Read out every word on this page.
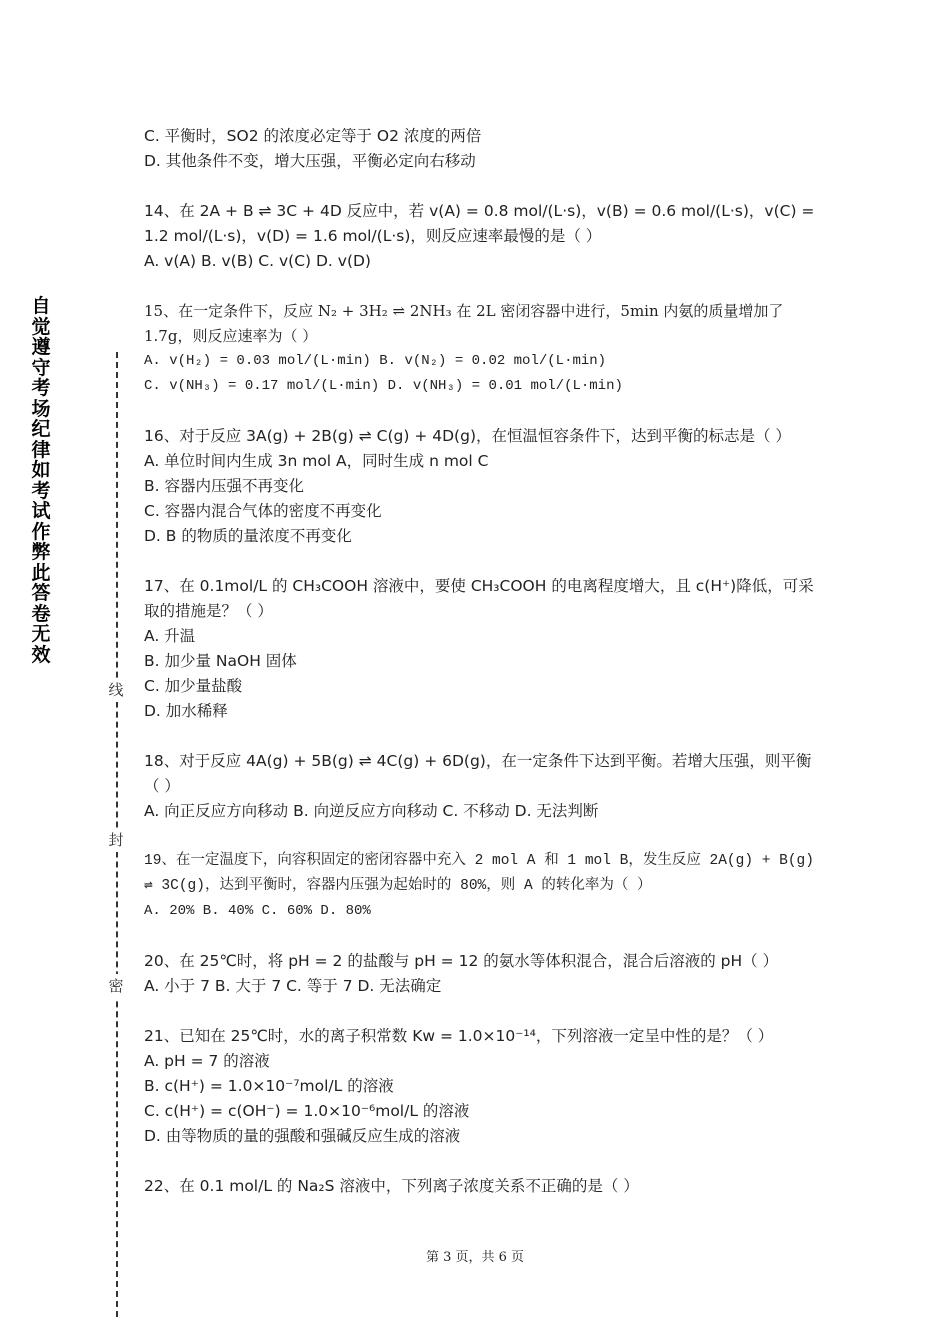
自觉遵守考场纪律如考试作弊此答卷无效
线
封
密
C. 平衡时，SO2 的浓度必定等于 O2 浓度的两倍
D. 其他条件不变，增大压强，平衡必定向右移动
14、在 2A + B ⇌ 3C + 4D 反应中，若 v(A) = 0.8 mol/(L·s)，v(B) = 0.6 mol/(L·s)，v(C) = 1.2 mol/(L·s)，v(D) = 1.6 mol/(L·s)，则反应速率最慢的是（ ）
A. v(A) B. v(B) C. v(C) D. v(D)
15、在一定条件下，反应 N₂ + 3H₂ ⇌ 2NH₃ 在 2L 密闭容器中进行，5min 内氨的质量增加了 1.7g，则反应速率为（ ）
A. v(H₂) = 0.03 mol/(L·min) B. v(N₂) = 0.02 mol/(L·min)
C. v(NH₃) = 0.17 mol/(L·min) D. v(NH₃) = 0.01 mol/(L·min)
16、对于反应 3A(g) + 2B(g) ⇌ C(g) + 4D(g)，在恒温恒容条件下，达到平衡的标志是（ ）
A. 单位时间内生成 3n mol A，同时生成 n mol C
B. 容器内压强不再变化
C. 容器内混合气体的密度不再变化
D. B 的物质的量浓度不再变化
17、在 0.1mol/L 的 CH₃COOH 溶液中，要使 CH₃COOH 的电离程度增大，且 c(H⁺)降低，可采取的措施是？（ ）
A. 升温
B. 加少量 NaOH 固体
C. 加少量盐酸
D. 加水稀释
18、对于反应 4A(g) + 5B(g) ⇌ 4C(g) + 6D(g)，在一定条件下达到平衡。若增大压强，则平衡（ ）
A. 向正反应方向移动 B. 向逆反应方向移动 C. 不移动 D. 无法判断
19、在一定温度下，向容积固定的密闭容器中充入 2 mol A 和 1 mol B，发生反应 2A(g) + B(g) ⇌ 3C(g)，达到平衡时，容器内压强为起始时的 80%，则 A 的转化率为（ ）
A. 20% B. 40% C. 60% D. 80%
20、在 25℃时，将 pH = 2 的盐酸与 pH = 12 的氨水等体积混合，混合后溶液的 pH（ ）
A. 小于 7 B. 大于 7 C. 等于 7 D. 无法确定
21、已知在 25℃时，水的离子积常数 Kw = 1.0×10⁻¹⁴，下列溶液一定呈中性的是？（ ）
A. pH = 7 的溶液
B. c(H⁺) = 1.0×10⁻⁷mol/L 的溶液
C. c(H⁺) = c(OH⁻) = 1.0×10⁻⁶mol/L 的溶液
D. 由等物质的量的强酸和强碱反应生成的溶液
22、在 0.1 mol/L 的 Na₂S 溶液中，下列离子浓度关系不正确的是（ ）
第 3 页，共 6 页
